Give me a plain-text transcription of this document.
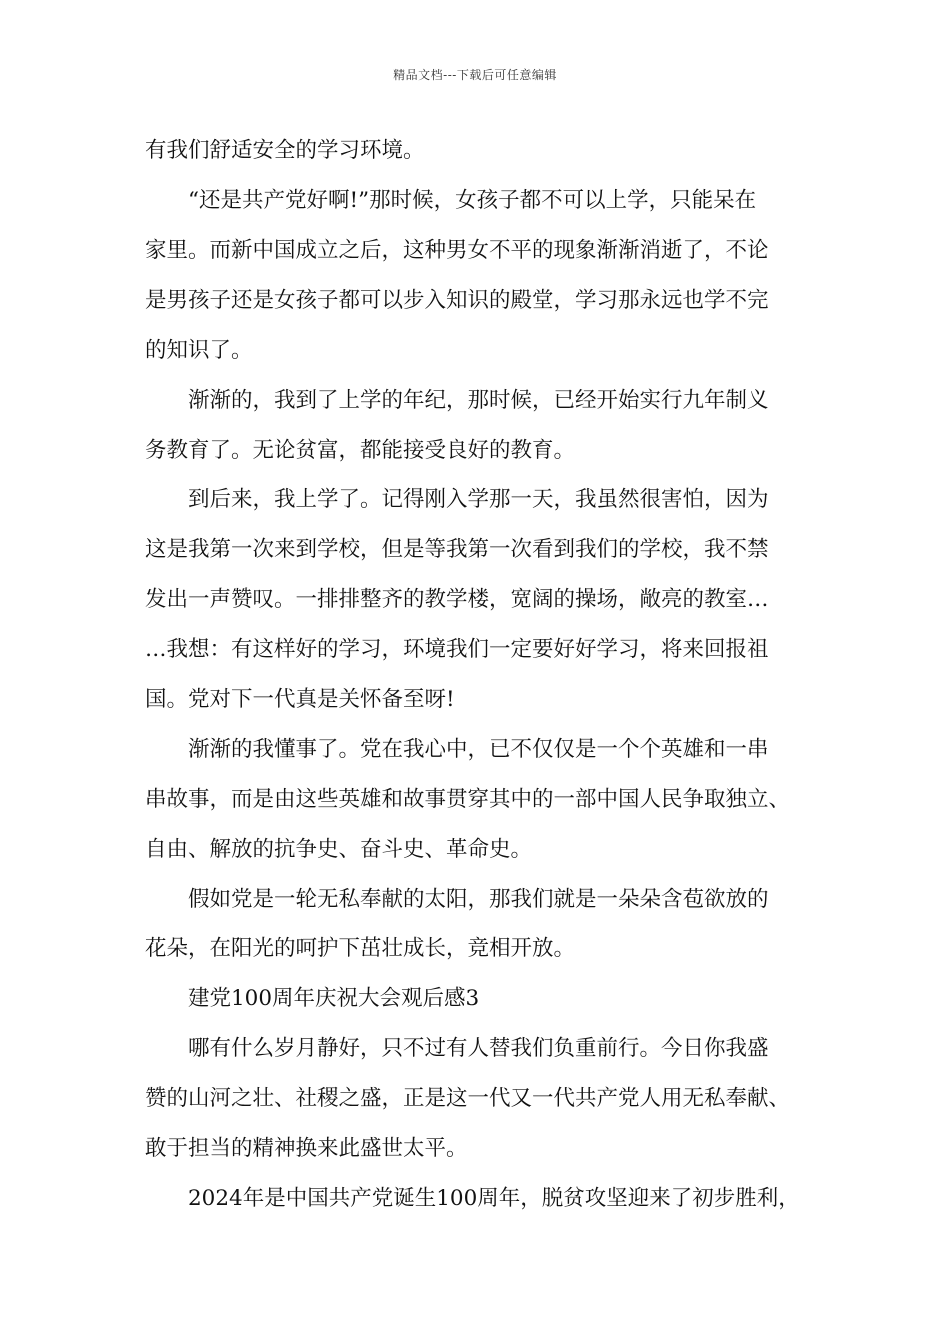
精品文档---下载后可任意编辑
有我们舒适安全的学习环境。
“还是共产党好啊!”那时候，女孩子都不可以上学，只能呆在
家里。而新中国成立之后，这种男女不平的现象渐渐消逝了，不论
是男孩子还是女孩子都可以步入知识的殿堂，学习那永远也学不完
的知识了。
渐渐的，我到了上学的年纪，那时候，已经开始实行九年制义
务教育了。无论贫富，都能接受良好的教育。
到后来，我上学了。记得刚入学那一天，我虽然很害怕，因为
这是我第一次来到学校，但是等我第一次看到我们的学校，我不禁
发出一声赞叹。一排排整齐的教学楼，宽阔的操场，敞亮的教室…
…我想：有这样好的学习，环境我们一定要好好学习，将来回报祖
国。党对下一代真是关怀备至呀!
渐渐的我懂事了。党在我心中，已不仅仅是一个个英雄和一串
串故事，而是由这些英雄和故事贯穿其中的一部中国人民争取独立、
自由、解放的抗争史、奋斗史、革命史。
假如党是一轮无私奉献的太阳，那我们就是一朵朵含苞欲放的
花朵，在阳光的呵护下茁壮成长，竞相开放。
建党100周年庆祝大会观后感3
哪有什么岁月静好，只不过有人替我们负重前行。今日你我盛
赞的山河之壮、社稷之盛，正是这一代又一代共产党人用无私奉献、
敢于担当的精神换来此盛世太平。
2024年是中国共产党诞生100周年，脱贫攻坚迎来了初步胜利，
